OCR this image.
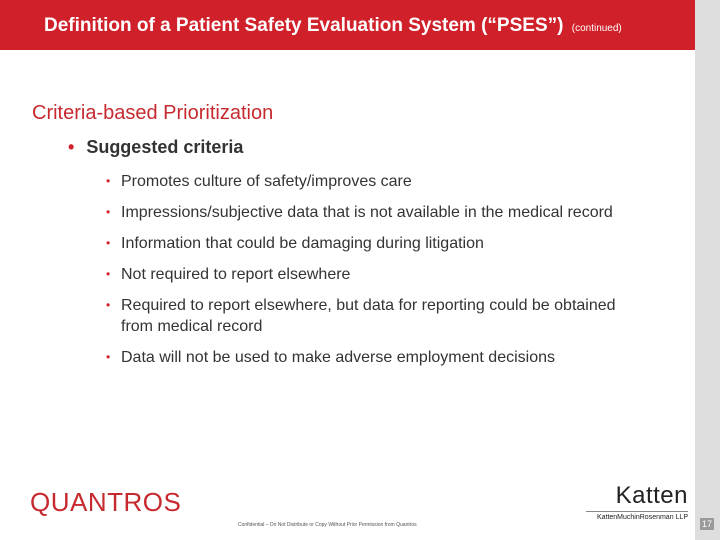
Definition of a Patient Safety Evaluation System (“PSES”) (continued)
17
Criteria-based Prioritization
• Suggested criteria
• Promotes culture of safety/improves care
• Impressions/subjective data that is not available in the medical record
• Information that could be damaging during litigation
• Not required to report elsewhere
• Required to report elsewhere, but data for reporting could be obtained from medical record
• Data will not be used to make adverse employment decisions
QUANTROS
Confidential – Do Not Distribute or Copy Without Prior Permission from Quantros
Katten
KattenMuchinRosenman LLP
